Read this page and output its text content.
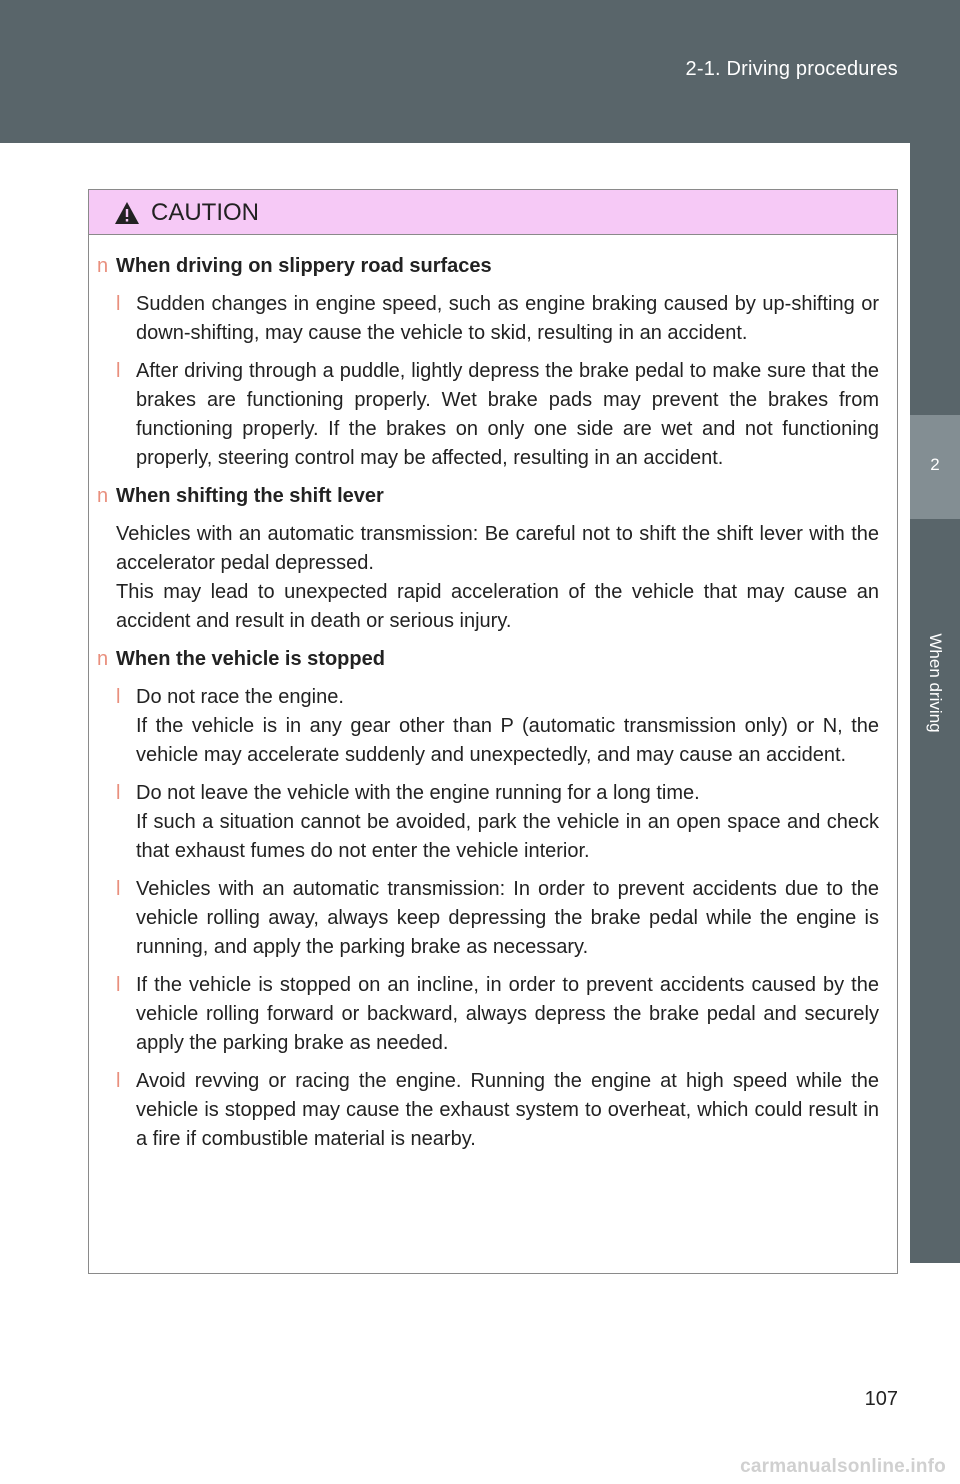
2-1. Driving procedures
2
When driving
CAUTION
n When driving on slippery road surfaces
l Sudden changes in engine speed, such as engine braking caused by up-shifting or down-shifting, may cause the vehicle to skid, resulting in an accident.
l After driving through a puddle, lightly depress the brake pedal to make sure that the brakes are functioning properly. Wet brake pads may prevent the brakes from functioning properly. If the brakes on only one side are wet and not functioning properly, steering control may be affected, resulting in an accident.
n When shifting the shift lever
Vehicles with an automatic transmission: Be careful not to shift the shift lever with the accelerator pedal depressed.
This may lead to unexpected rapid acceleration of the vehicle that may cause an accident and result in death or serious injury.
n When the vehicle is stopped
l Do not race the engine.
If the vehicle is in any gear other than P (automatic transmission only) or N, the vehicle may accelerate suddenly and unexpectedly, and may cause an accident.
l Do not leave the vehicle with the engine running for a long time.
If such a situation cannot be avoided, park the vehicle in an open space and check that exhaust fumes do not enter the vehicle interior.
l Vehicles with an automatic transmission: In order to prevent accidents due to the vehicle rolling away, always keep depressing the brake pedal while the engine is running, and apply the parking brake as necessary.
l If the vehicle is stopped on an incline, in order to prevent accidents caused by the vehicle rolling forward or backward, always depress the brake pedal and securely apply the parking brake as needed.
l Avoid revving or racing the engine. Running the engine at high speed while the vehicle is stopped may cause the exhaust system to overheat, which could result in a fire if combustible material is nearby.
107
carmanualsonline.info
